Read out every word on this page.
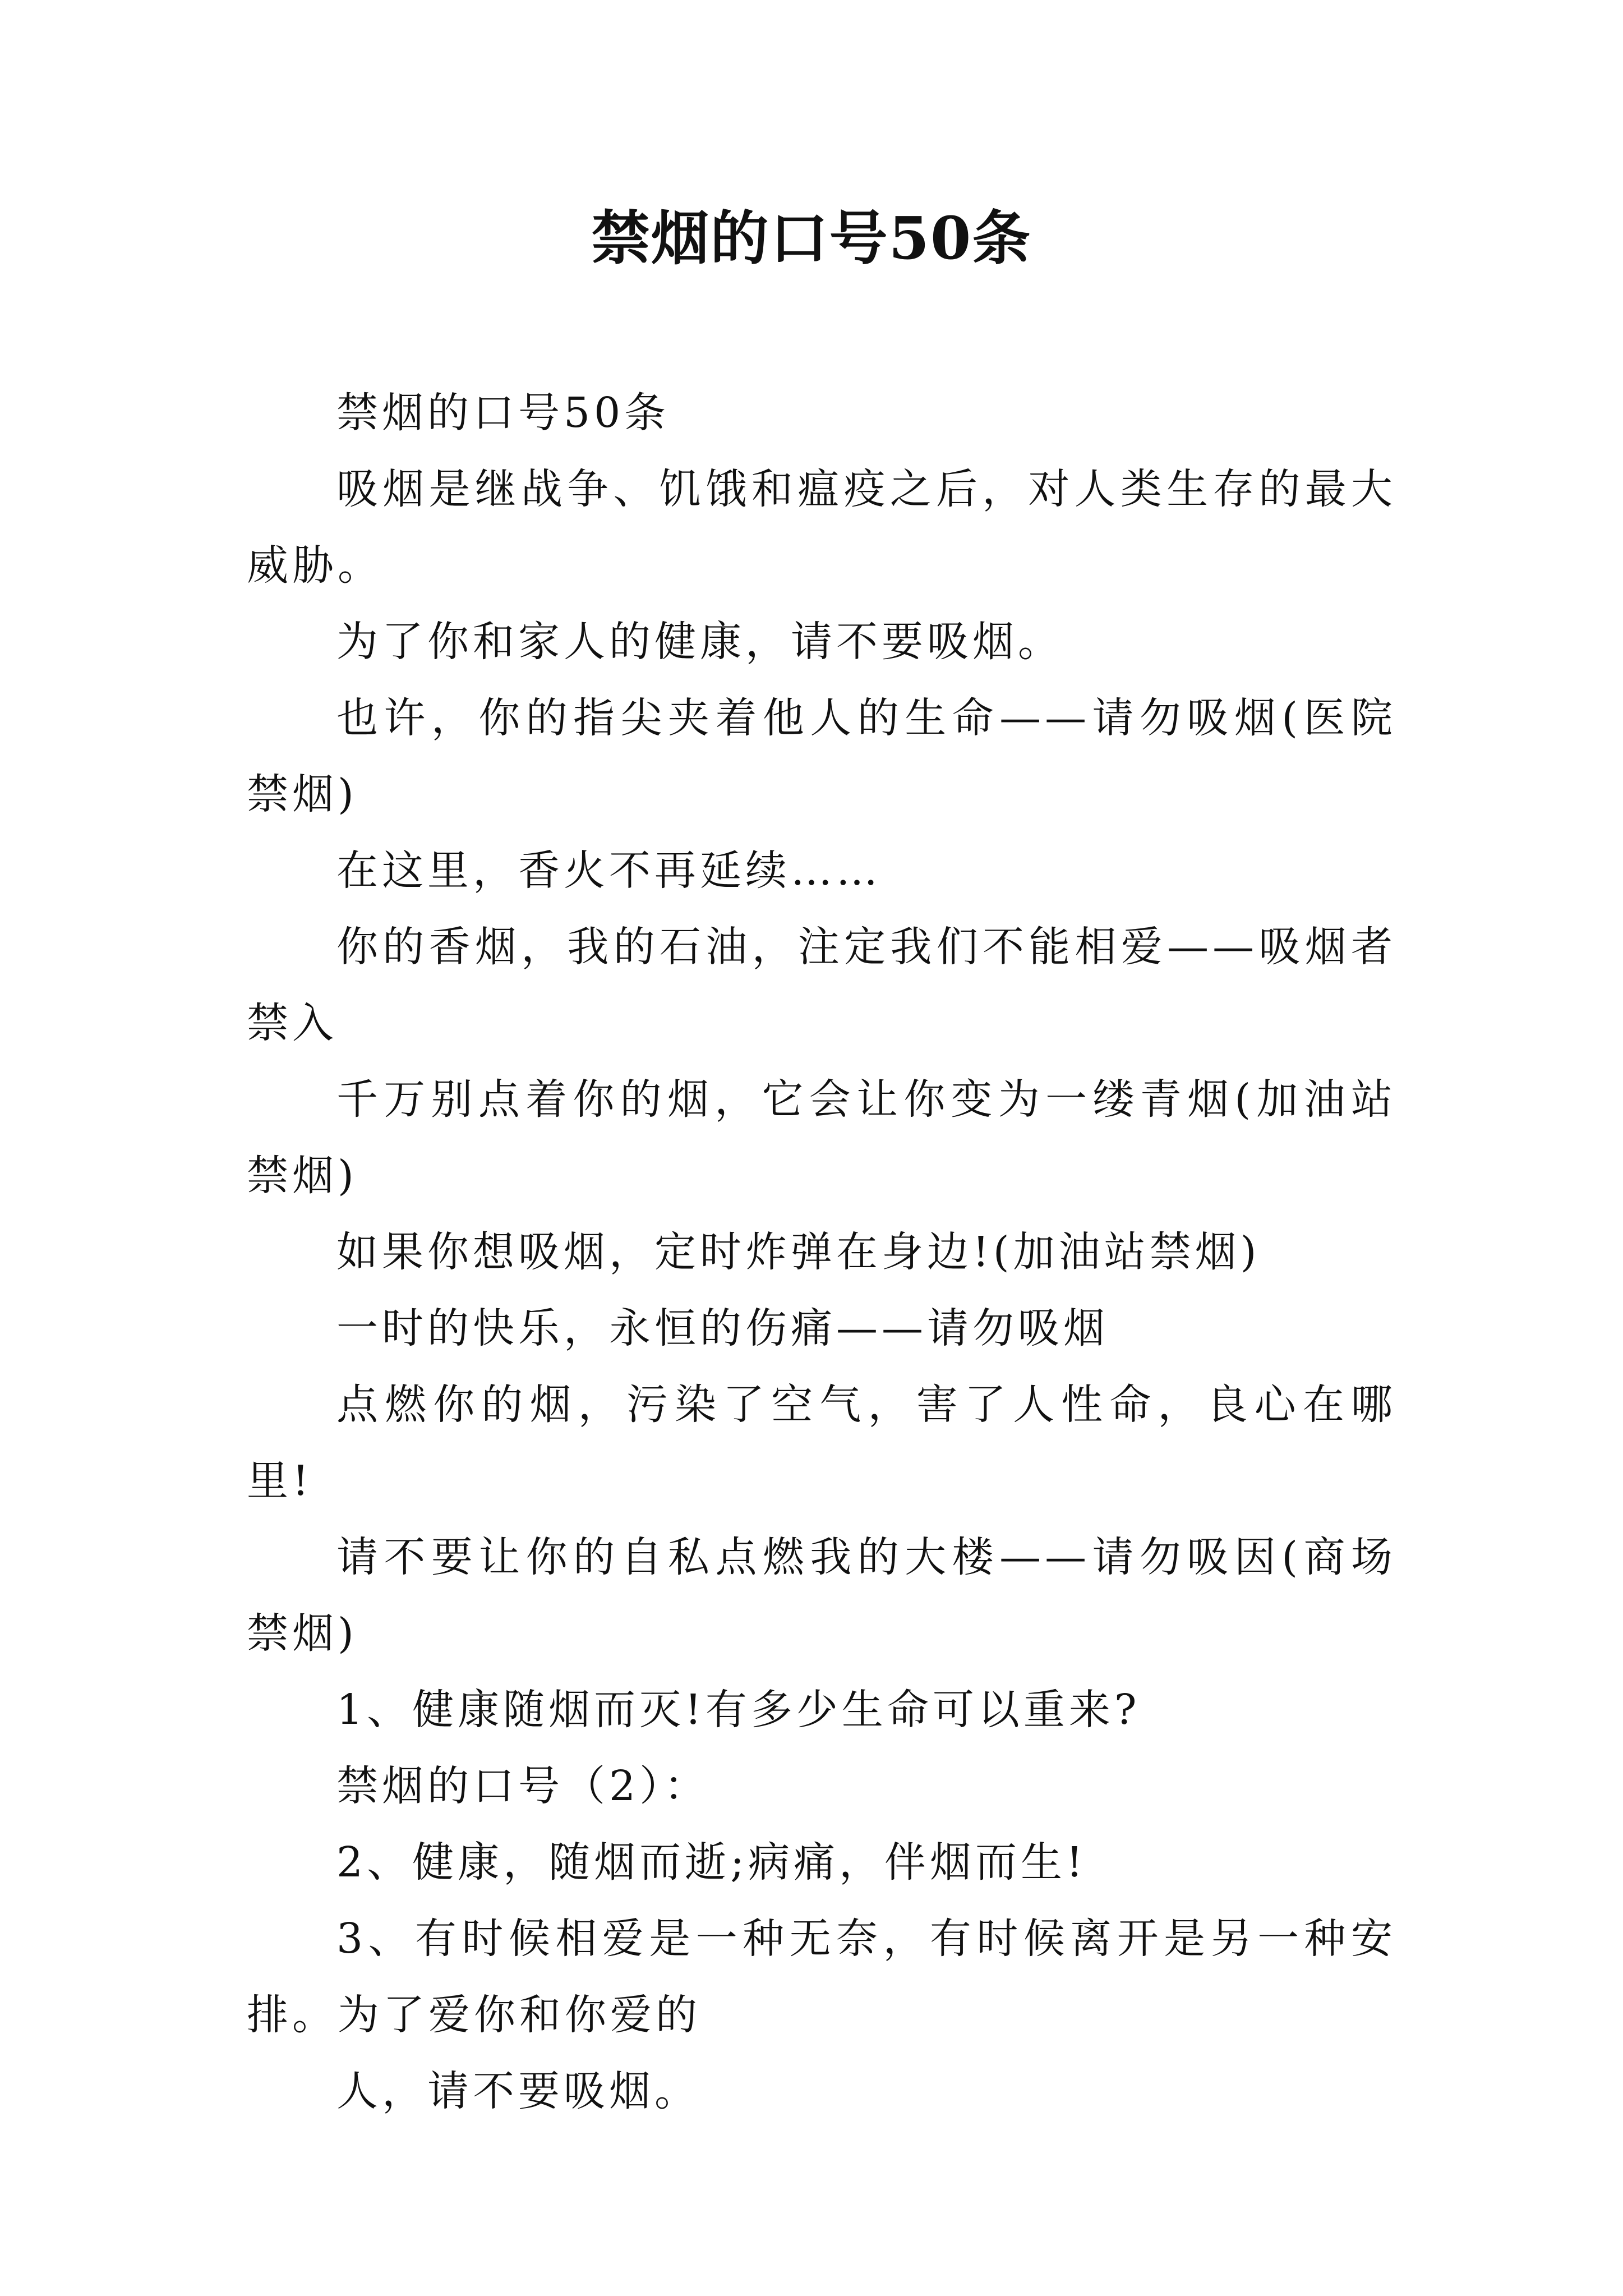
禁烟的口号50条

禁烟的口号50条

吸烟是继战争、饥饿和瘟疫之后，对人类生存的最大威胁。

为了你和家人的健康，请不要吸烟。

也许，你的指尖夹着他人的生命——请勿吸烟(医院禁烟)

在这里，香火不再延续……

你的香烟，我的石油，注定我们不能相爱——吸烟者禁入

千万别点着你的烟，它会让你变为一缕青烟(加油站禁烟)

如果你想吸烟，定时炸弹在身边!(加油站禁烟)

一时的快乐，永恒的伤痛——请勿吸烟

点燃你的烟，污染了空气，害了人性命，良心在哪里!

请不要让你的自私点燃我的大楼——请勿吸因(商场禁烟)

1、健康随烟而灭!有多少生命可以重来?

禁烟的口号（2）：

2、健康，随烟而逝;病痛，伴烟而生!

3、有时候相爱是一种无奈，有时候离开是另一种安排。为了爱你和你爱的

人，请不要吸烟。
